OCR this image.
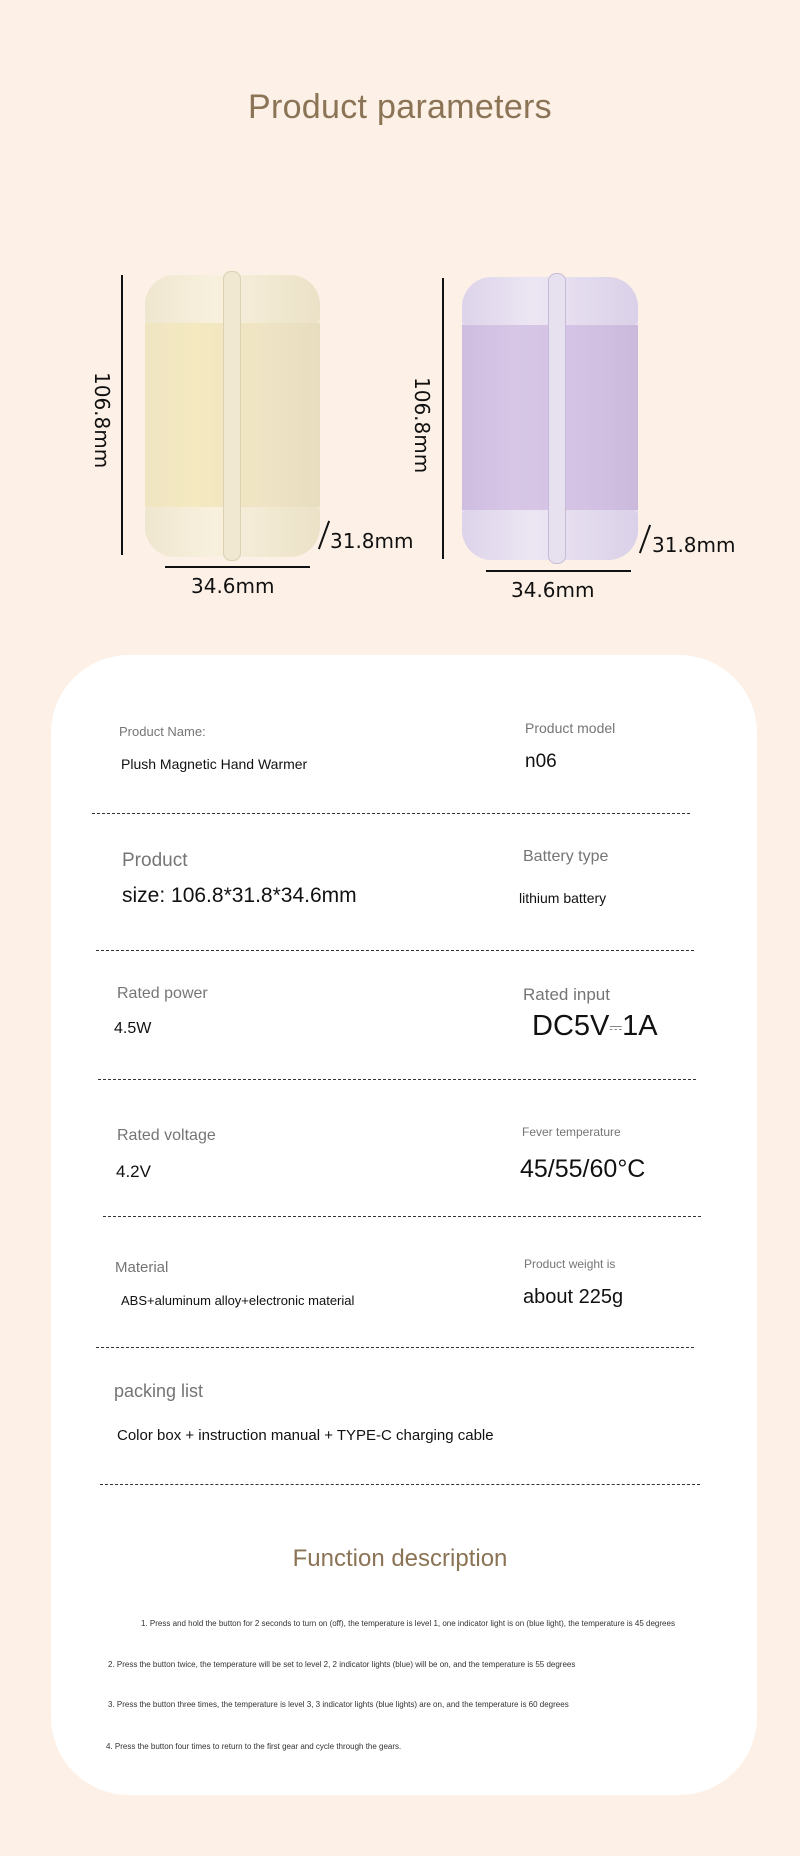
Product parameters
106.8mm
31.8mm
34.6mm
106.8mm
31.8mm
34.6mm
Product Name:
Plush Magnetic Hand Warmer
Product model
n06
Product
size: 106.8*31.8*34.6mm
Battery type
lithium battery
Rated power
4.5W
Rated input
DC5V⎓1A
Rated voltage
4.2V
Fever temperature
45/55/60°C
Material
ABS+aluminum alloy+electronic material
Product weight is
about 225g
packing list
Color box + instruction manual + TYPE-C charging cable
Function description
1. Press and hold the button for 2 seconds to turn on (off), the temperature is level 1, one indicator light is on (blue light), the temperature is 45 degrees
2. Press the button twice, the temperature will be set to level 2, 2 indicator lights (blue) will be on, and the temperature is 55 degrees
3. Press the button three times, the temperature is level 3, 3 indicator lights (blue lights) are on, and the temperature is 60 degrees
4. Press the button four times to return to the first gear and cycle through the gears.
